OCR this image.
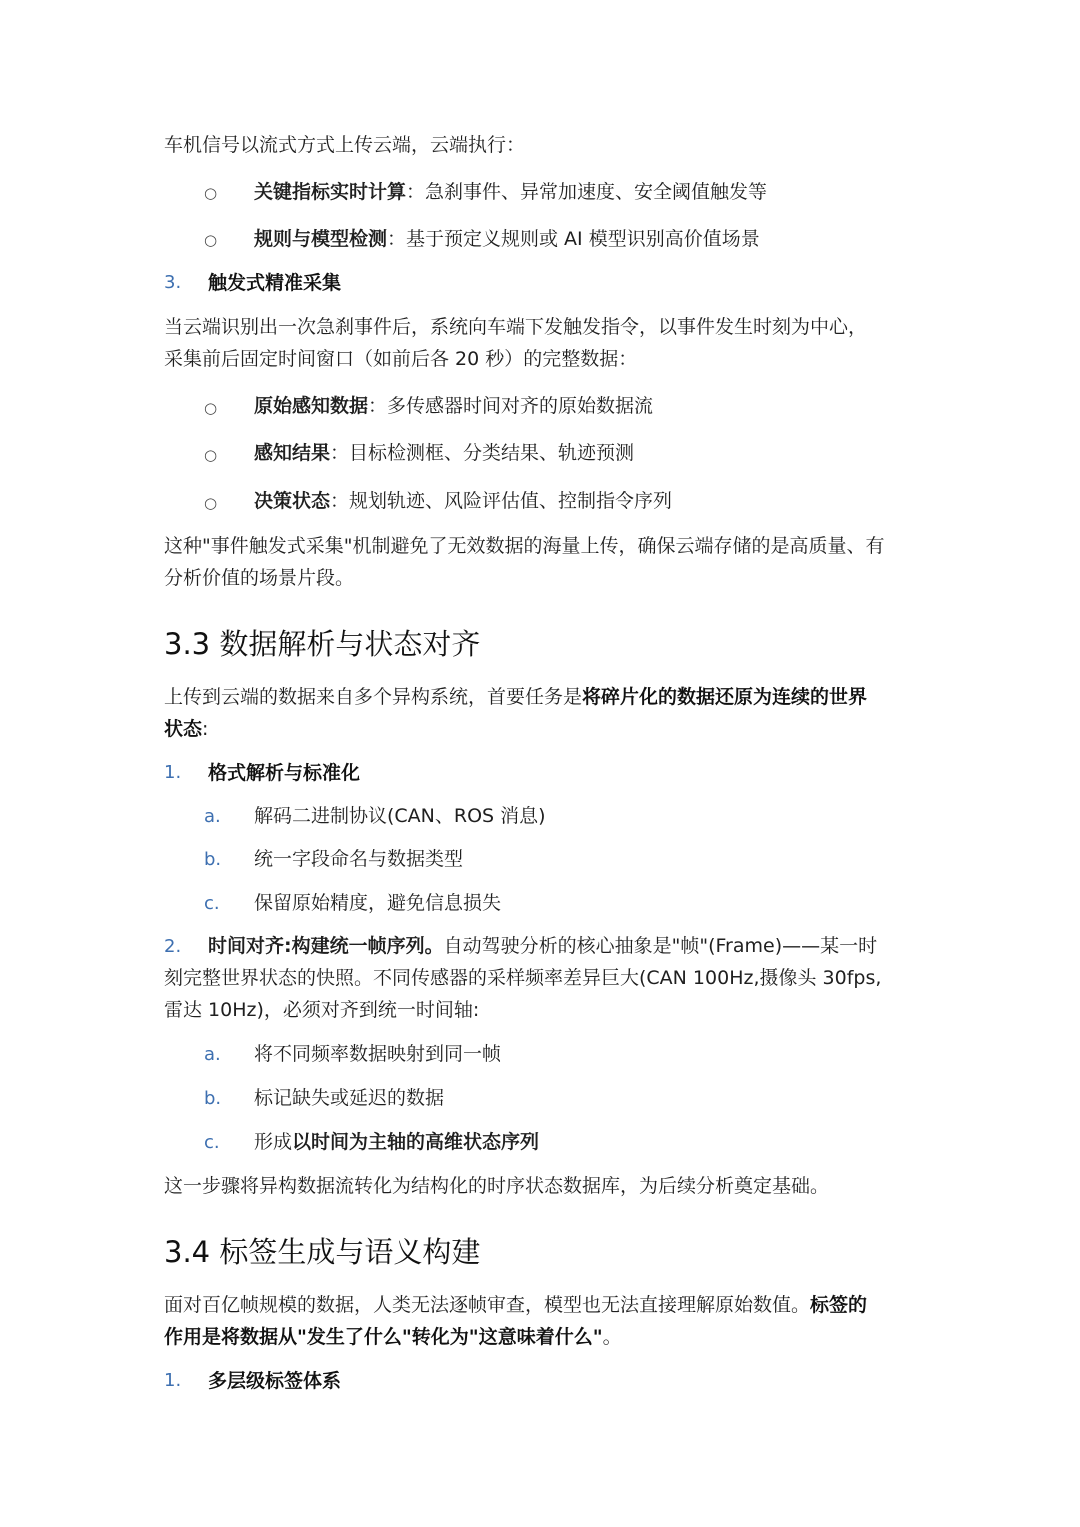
车机信号以流式方式上传云端，云端执行：
○ 关键指标实时计算：急刹事件、异常加速度、安全阈值触发等
○ 规则与模型检测：基于预定义规则或 AI 模型识别高价值场景
3. 触发式精准采集
当云端识别出一次急刹事件后，系统向车端下发触发指令，以事件发生时刻为中心，
采集前后固定时间窗口（如前后各 20 秒）的完整数据：
○ 原始感知数据：多传感器时间对齐的原始数据流
○ 感知结果：目标检测框、分类结果、轨迹预测
○ 决策状态：规划轨迹、风险评估值、控制指令序列
这种"事件触发式采集"机制避免了无效数据的海量上传，确保云端存储的是高质量、有
分析价值的场景片段。
3.3 数据解析与状态对齐
上传到云端的数据来自多个异构系统，首要任务是将碎片化的数据还原为连续的世界
状态:
1. 格式解析与标准化
a. 解码二进制协议(CAN、ROS 消息)
b. 统一字段命名与数据类型
c. 保留原始精度，避免信息损失
2. 时间对齐:构建统一帧序列。自动驾驶分析的核心抽象是"帧"(Frame)——某一时
刻完整世界状态的快照。不同传感器的采样频率差异巨大(CAN 100Hz,摄像头 30fps,
雷达 10Hz)，必须对齐到统一时间轴:
a. 将不同频率数据映射到同一帧
b. 标记缺失或延迟的数据
c. 形成以时间为主轴的高维状态序列
这一步骤将异构数据流转化为结构化的时序状态数据库，为后续分析奠定基础。
3.4 标签生成与语义构建
面对百亿帧规模的数据，人类无法逐帧审查，模型也无法直接理解原始数值。标签的
作用是将数据从"发生了什么"转化为"这意味着什么"。
1. 多层级标签体系
